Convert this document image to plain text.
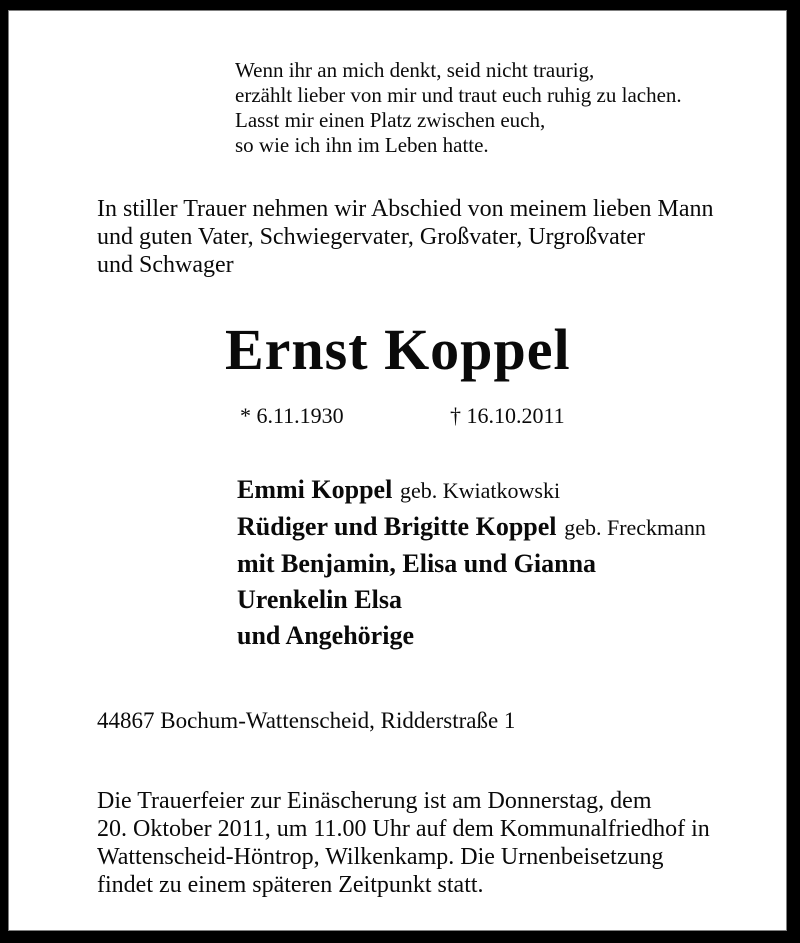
Wenn ihr an mich denkt, seid nicht traurig,
erzählt lieber von mir und traut euch ruhig zu lachen.
Lasst mir einen Platz zwischen euch,
so wie ich ihn im Leben hatte.
In stiller Trauer nehmen wir Abschied von meinem lieben Mann
und guten Vater, Schwiegervater, Großvater, Urgroßvater
und Schwager
Ernst Koppel
* 6.11.1930	† 16.10.2011
Emmi Koppel geb. Kwiatkowski
Rüdiger und Brigitte Koppel geb. Freckmann
mit Benjamin, Elisa und Gianna
Urenkelin Elsa
und Angehörige
44867 Bochum-Wattenscheid, Ridderstraße 1
Die Trauerfeier zur Einäscherung ist am Donnerstag, dem
20. Oktober 2011, um 11.00 Uhr auf dem Kommunalfriedhof in
Wattenscheid-Höntrop, Wilkenkamp. Die Urnenbeisetzung
findet zu einem späteren Zeitpunkt statt.
